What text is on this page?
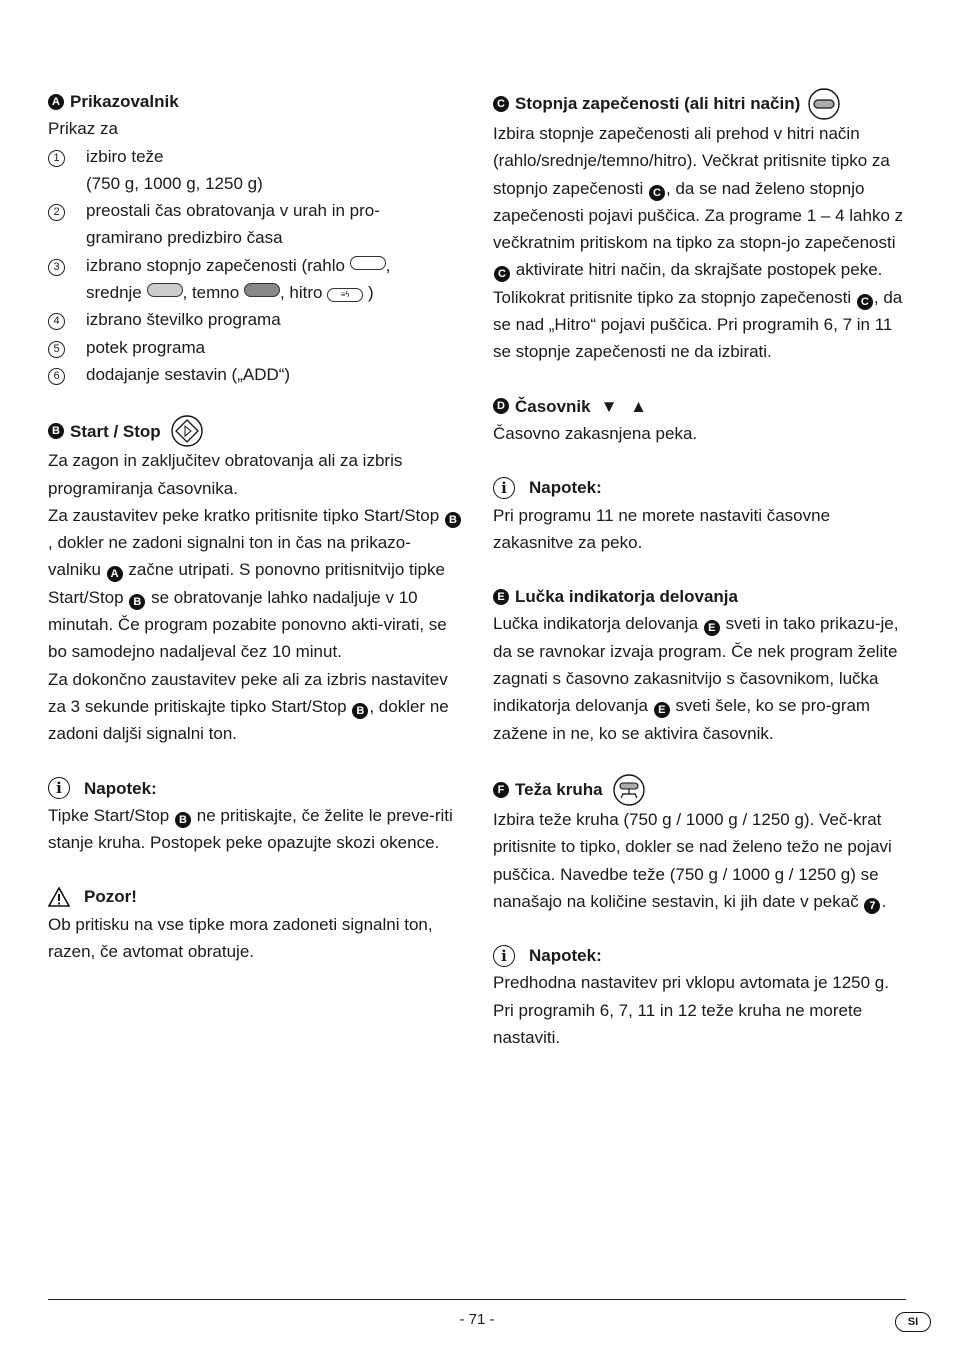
A Prikazovalnik

Prikaz za

1	izbiro teže
(750 g, 1000 g, 1250 g)
2	preostali čas obratovanja v urah in pro-
gramirano predizbiro časa
3	izbrano stopnjo zapečenosti (rahlo ,
srednje , temno , hitro ≡ϟ )
4	izbrano številko programa
5	potek programa
6	dodajanje sestavin („ADD“)
B Start / Stop

Za zagon in zaključitev obratovanja ali za izbris programiranja časovnika.

Za zaustavitev peke kratko pritisnite tipko Start/Stop B, dokler ne zadoni signalni ton in čas na prikazo-valniku A začne utripati. S ponovno pritisnitvijo tipke Start/Stop B se obratovanje lahko nadaljuje v 10 minutah. Če program pozabite ponovno akti-virati, se bo samodejno nadaljeval čez 10 minut.

Za dokončno zaustavitev peke ali za izbris nastavitev za 3 sekunde pritiskajte tipko Start/Stop B , dokler ne zadoni daljši signalni ton.

i	Napotek:

Tipke Start/Stop B ne pritiskajte, če želite le preve-riti stanje kruha. Postopek peke opazujte skozi okence.

Pozor!

Ob pritisku na vse tipke mora zadoneti signalni ton, razen, če avtomat obratuje.

C Stopnja zapečenosti (ali hitri način)

Izbira stopnje zapečenosti ali prehod v hitri način (rahlo/srednje/temno/hitro). Večkrat pritisnite tipko za stopnjo zapečenosti C , da se nad želeno stopnjo zapečenosti pojavi puščica. Za programe 1 – 4 lahko z večkratnim pritiskom na tipko za stopn-jo zapečenosti C aktivirate hitri način, da skrajšate postopek peke. Tolikokrat pritisnite tipko za stopnjo zapečenosti C , da se nad „Hitro“ pojavi puščica. Pri programih 6, 7 in 11 se stopnje zapečenosti ne da izbirati.

D Časovnik ▼ ▲

Časovno zakasnjena peka.

i	Napotek:

Pri programu 11 ne morete nastaviti časovne zakasnitve za peko.

E Lučka indikatorja delovanja

Lučka indikatorja delovanja E sveti in tako prikazu-je, da se ravnokar izvaja program. Če nek program želite zagnati s časovno zakasnitvijo s časovnikom, lučka indikatorja delovanja E sveti šele, ko se pro-gram zažene in ne, ko se aktivira časovnik.

F Teža kruha

Izbira teže kruha (750 g / 1000 g / 1250 g). Več-krat pritisnite to tipko, dokler se nad želeno težo ne pojavi puščica. Navedbe teže (750 g / 1000 g / 1250 g) se nanašajo na količine sestavin, ki jih date v pekač 7 .

i	Napotek:

Predhodna nastavitev pri vklopu avtomata je 1250 g. Pri programih 6, 7, 11 in 12 teže kruha ne morete nastaviti.

- 71 -	SI
